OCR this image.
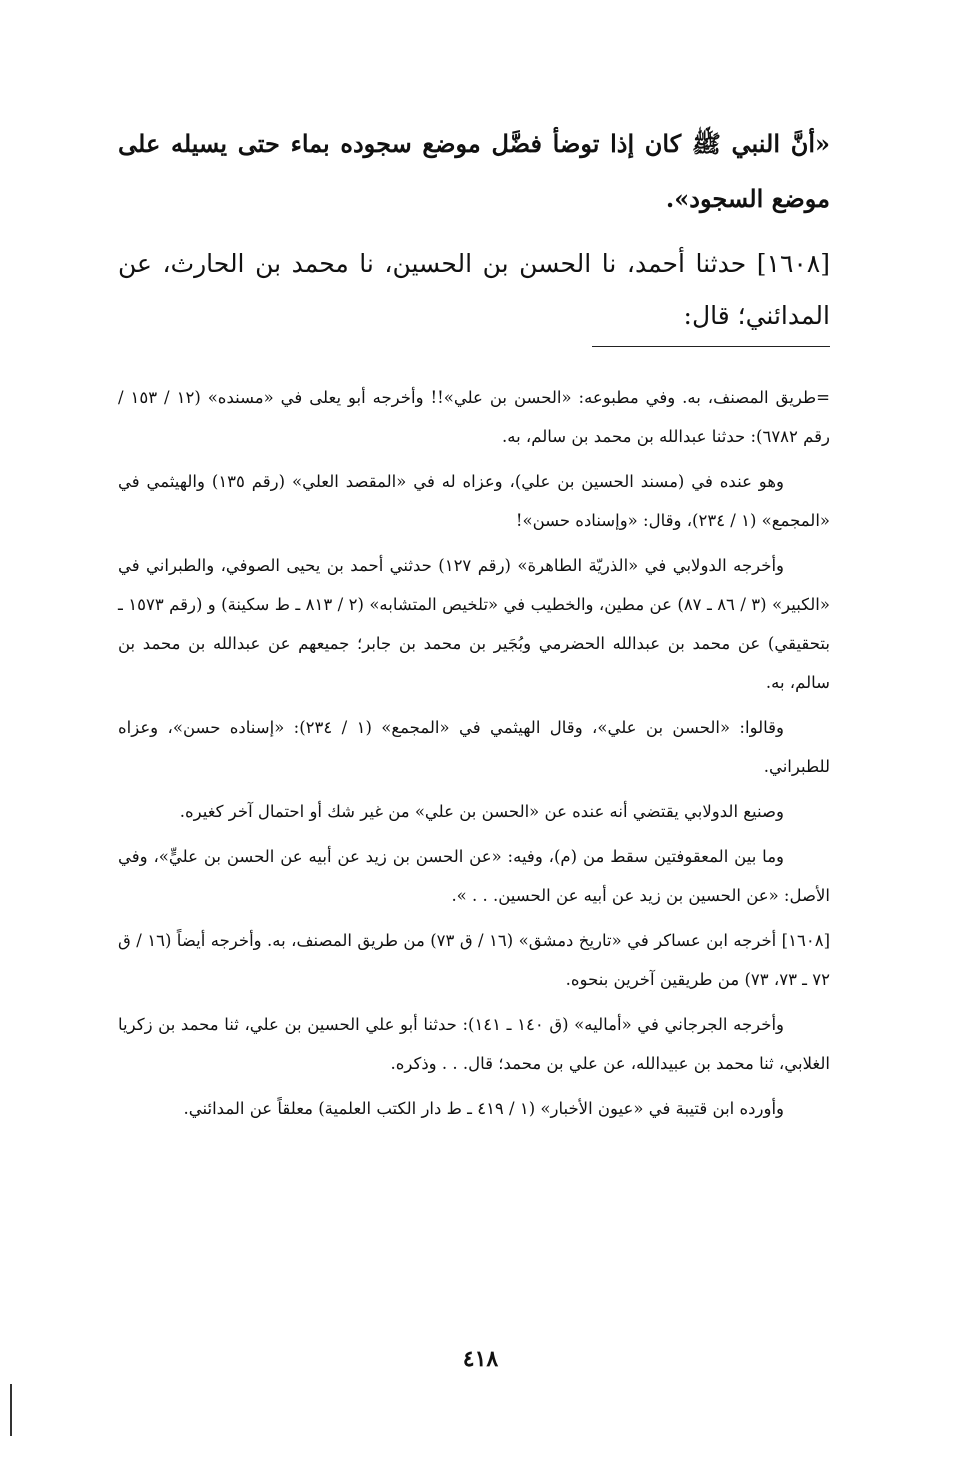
«أنَّ النبي ﷺ كان إذا توضأ فضَّل موضع سجوده بماء حتى يسيله على موضع السجود».
[١٦٠٨] حدثنا أحمد، نا الحسن بن الحسين، نا محمد بن الحارث، عن المدائني؛ قال:

=طريق المصنف، به. وفي مطبوعه: «الحسن بن علي»!! وأخرجه أبو يعلى في «مسنده» (١٢ / ١٥٣ / رقم ٦٧٨٢): حدثنا عبدالله بن محمد بن سالم، به.

وهو عنده في (مسند الحسين بن علي)، وعزاه له في «المقصد العلي» (رقم ١٣٥) والهيثمي في «المجمع» (١ / ٢٣٤)، وقال: «وإسناده حسن»!

وأخرجه الدولابي في «الذريّة الطاهرة» (رقم ١٢٧) حدثني أحمد بن يحيى الصوفي، والطبراني في «الكبير» (٣ / ٨٦ ـ ٨٧) عن مطين، والخطيب في «تلخيص المتشابه» (٢ / ٨١٣ ـ ط سكينة) و (رقم ١٥٧٣ ـ بتحقيقي) عن محمد بن عبدالله الحضرمي وبُجَير بن محمد بن جابر؛ جميعهم عن عبدالله بن محمد بن سالم، به.

وقالوا: «الحسن بن علي»، وقال الهيثمي في «المجمع» (١ / ٢٣٤): «إسناده حسن»، وعزاه للطبراني.

وصنيع الدولابي يقتضي أنه عنده عن «الحسن بن علي» من غير شك أو احتمال آخر كغيره.

وما بين المعقوفتين سقط من (م)، وفيه: «عن الحسن بن زيد عن أبيه عن الحسن بن عليٍّ»، وفي الأصل: «عن الحسين بن زيد عن أبيه عن الحسين. . . ».

[١٦٠٨] أخرجه ابن عساكر في «تاريخ دمشق» (١٦ / ق ٧٣) من طريق المصنف، به. وأخرجه أيضاً (١٦ / ق ٧٢ ـ ٧٣، ٧٣) من طريقين آخرين بنحوه.

وأخرجه الجرجاني في «أماليه» (ق ١٤٠ ـ ١٤١): حدثنا أبو علي الحسين بن علي، ثنا محمد بن زكريا الغلابي، ثنا محمد بن عبيدالله، عن علي بن محمد؛ قال. . . وذكره.

وأورده ابن قتيبة في «عيون الأخبار» (١ / ٤١٩ ـ ط دار الكتب العلمية) معلقاً عن المدائني.

٤١٨
